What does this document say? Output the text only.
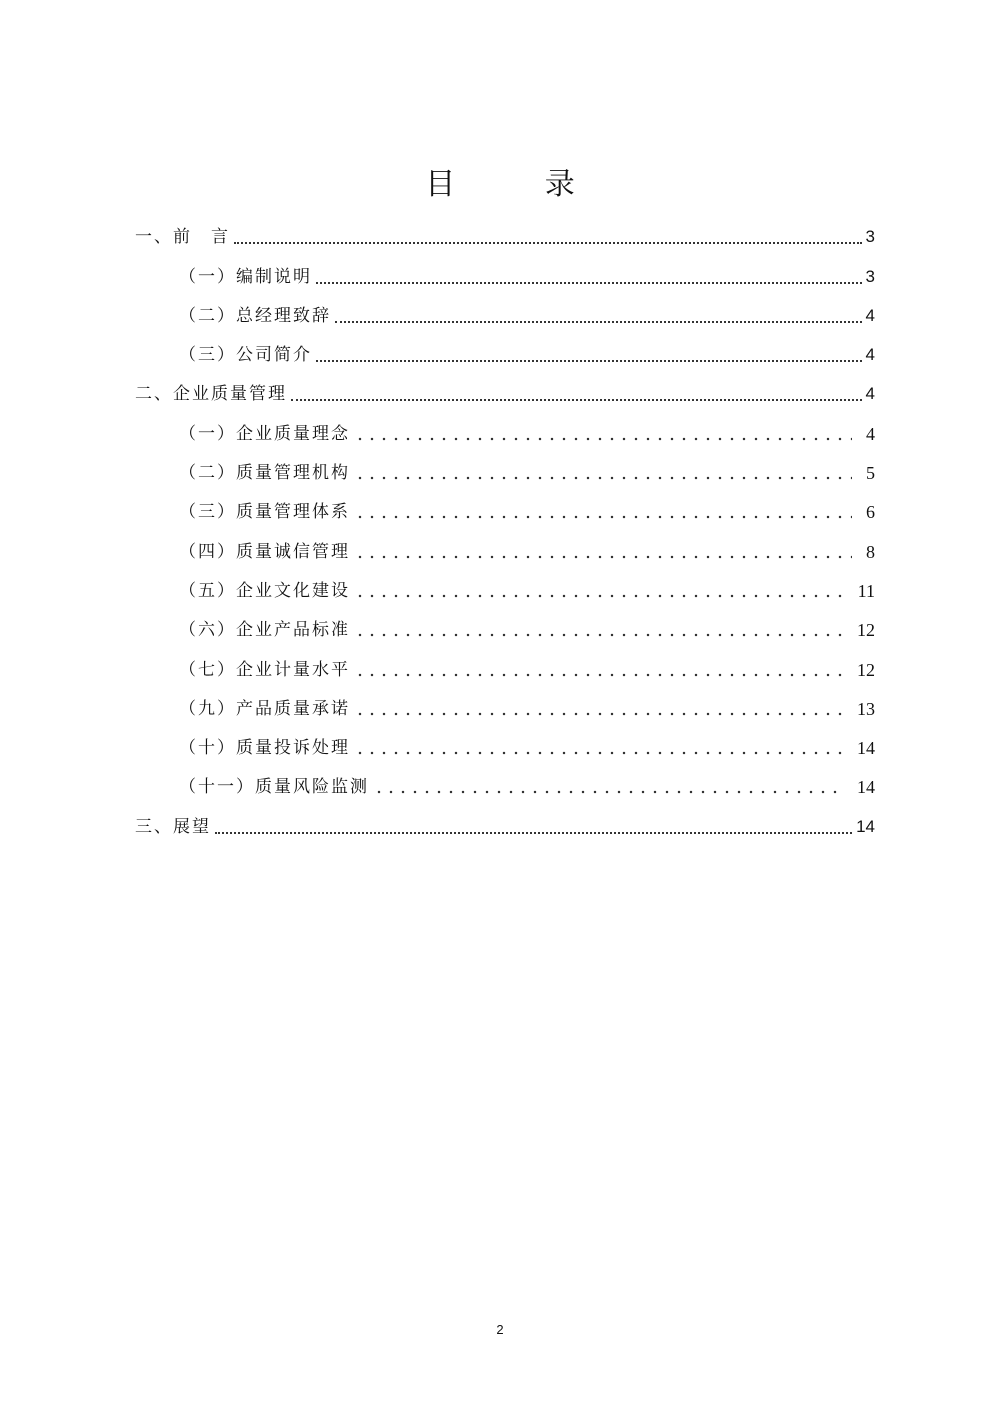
目 录
一、前　言	3
（一）编制说明	3
（二）总经理致辞	4
（三）公司简介	4
二、企业质量管理	4
（一）企业质量理念	4
（二）质量管理机构	5
（三）质量管理体系	6
（四）质量诚信管理	8
（五）企业文化建设	11
（六）企业产品标准	12
（七）企业计量水平	12
（九）产品质量承诺	13
（十）质量投诉处理	14
（十一）质量风险监测	14
三、展望	14
2
